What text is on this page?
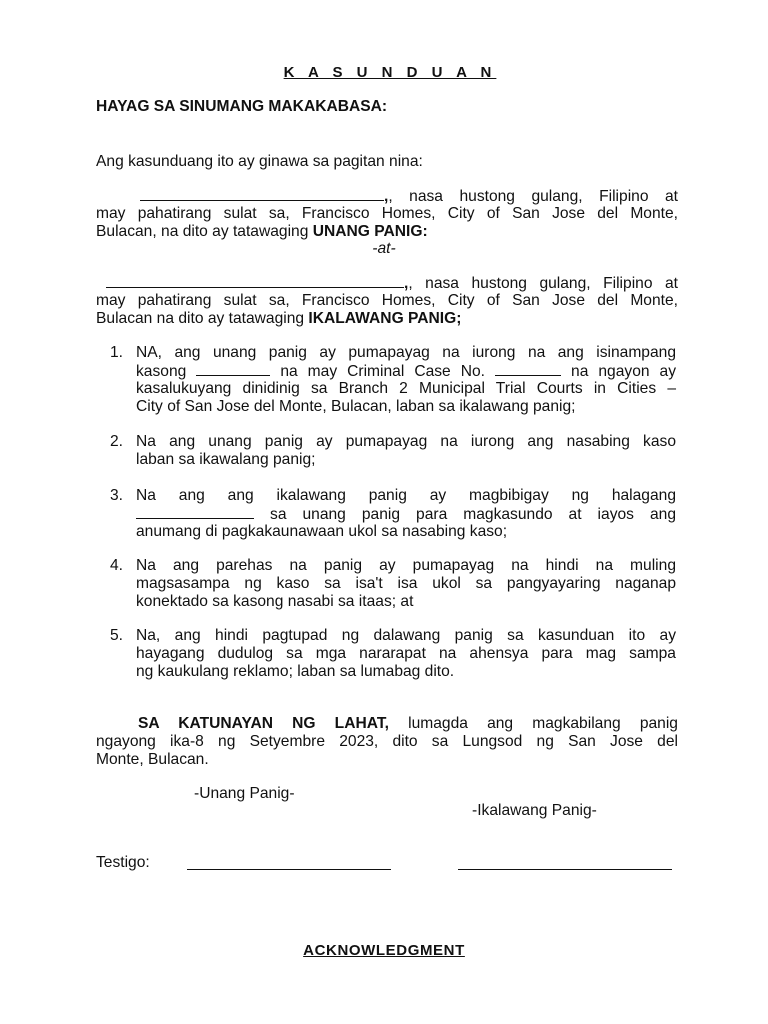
K A S U N D U A N
HAYAG SA SINUMANG MAKAKABASA:
Ang kasunduang ito ay ginawa sa pagitan nina:
,, nasa hustong gulang, Filipino at
may pahatirang sulat sa, Francisco Homes, City of San Jose del Monte,
Bulacan, na dito ay tatawaging UNANG PANIG:
-at-
,, nasa hustong gulang, Filipino at
may pahatirang sulat sa, Francisco Homes, City of San Jose del Monte,
Bulacan na dito ay tatawaging IKALAWANG PANIG;
1. NA, ang unang panig ay pumapayag na iurong na ang isinampang
kasong	na may Criminal Case No.	na ngayon ay
kasalukuyang dinidinig sa Branch 2 Municipal Trial Courts in Cities –
City of San Jose del Monte, Bulacan, laban sa ikalawang panig;
2. Na ang unang panig ay pumapayag na iurong ang nasabing kaso
laban sa ikawalang panig;
3. Na ang ang ikalawang panig ay magbibigay ng halagang
sa unang panig para magkasundo at iayos ang
anumang di pagkakaunawaan ukol sa nasabing kaso;
4. Na ang parehas na panig ay pumapayag na hindi na muling
magsasampa ng kaso sa isa't isa ukol sa pangyayaring naganap
konektado sa kasong nasabi sa itaas; at
5. Na, ang hindi pagtupad ng dalawang panig sa kasunduan ito ay
hayagang dudulog sa mga nararapat na ahensya para mag sampa
ng kaukulang reklamo; laban sa lumabag dito.
SA KATUNAYAN NG LAHAT, lumagda ang magkabilang panig
ngayong ika-8 ng Setyembre 2023, dito sa Lungsod ng San Jose del
Monte, Bulacan.
-Unang Panig-
-Ikalawang Panig-
Testigo:
ACKNOWLEDGMENT
